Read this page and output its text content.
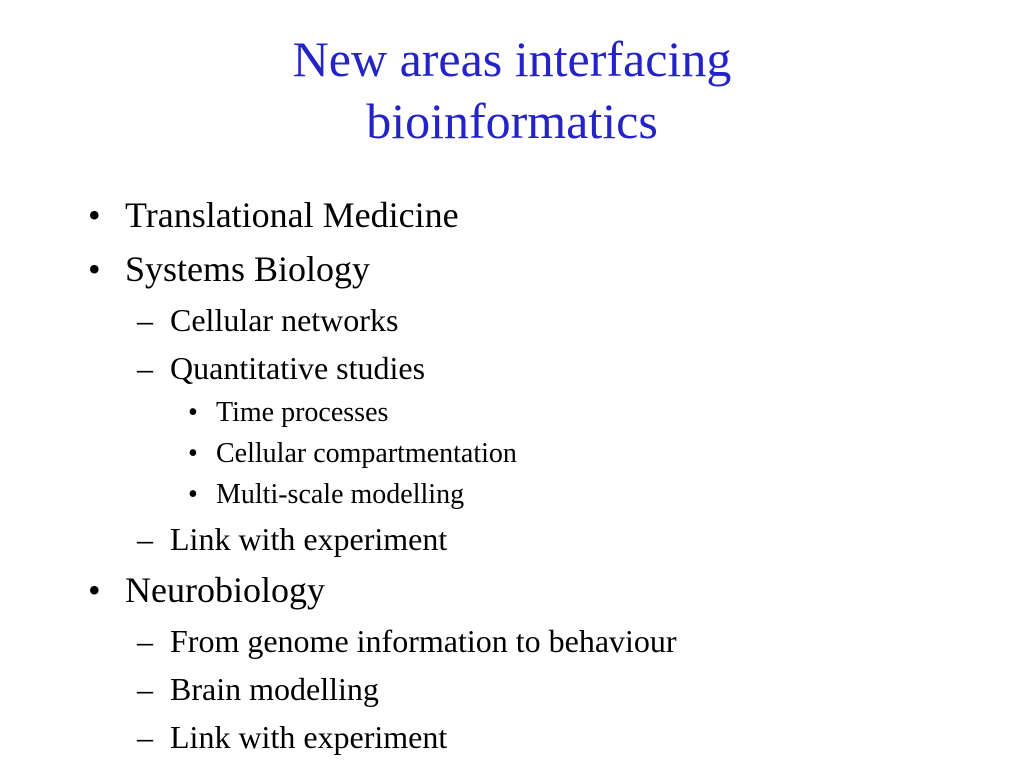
New areas interfacing
bioinformatics
• Translational Medicine
• Systems Biology
– Cellular networks
– Quantitative studies
• Time processes
• Cellular compartmentation
• Multi-scale modelling
– Link with experiment
• Neurobiology
– From genome information to behaviour
– Brain modelling
– Link with experiment
